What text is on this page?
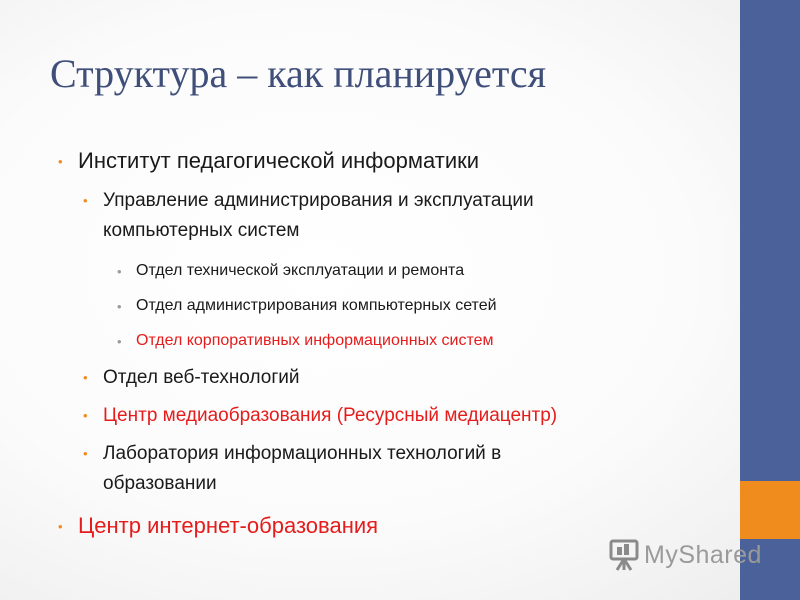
Структура – как планируется
• Институт педагогической информатики
• Управление администрирования и эксплуатации
компьютерных систем
• Отдел технической эксплуатации и ремонта
• Отдел администрирования компьютерных сетей
• Отдел корпоративных информационных систем
• Отдел веб-технологий
• Центр медиаобразования (Ресурсный медиацентр)
• Лаборатория информационных технологий в
образовании
• Центр интернет-образования
MyShared
